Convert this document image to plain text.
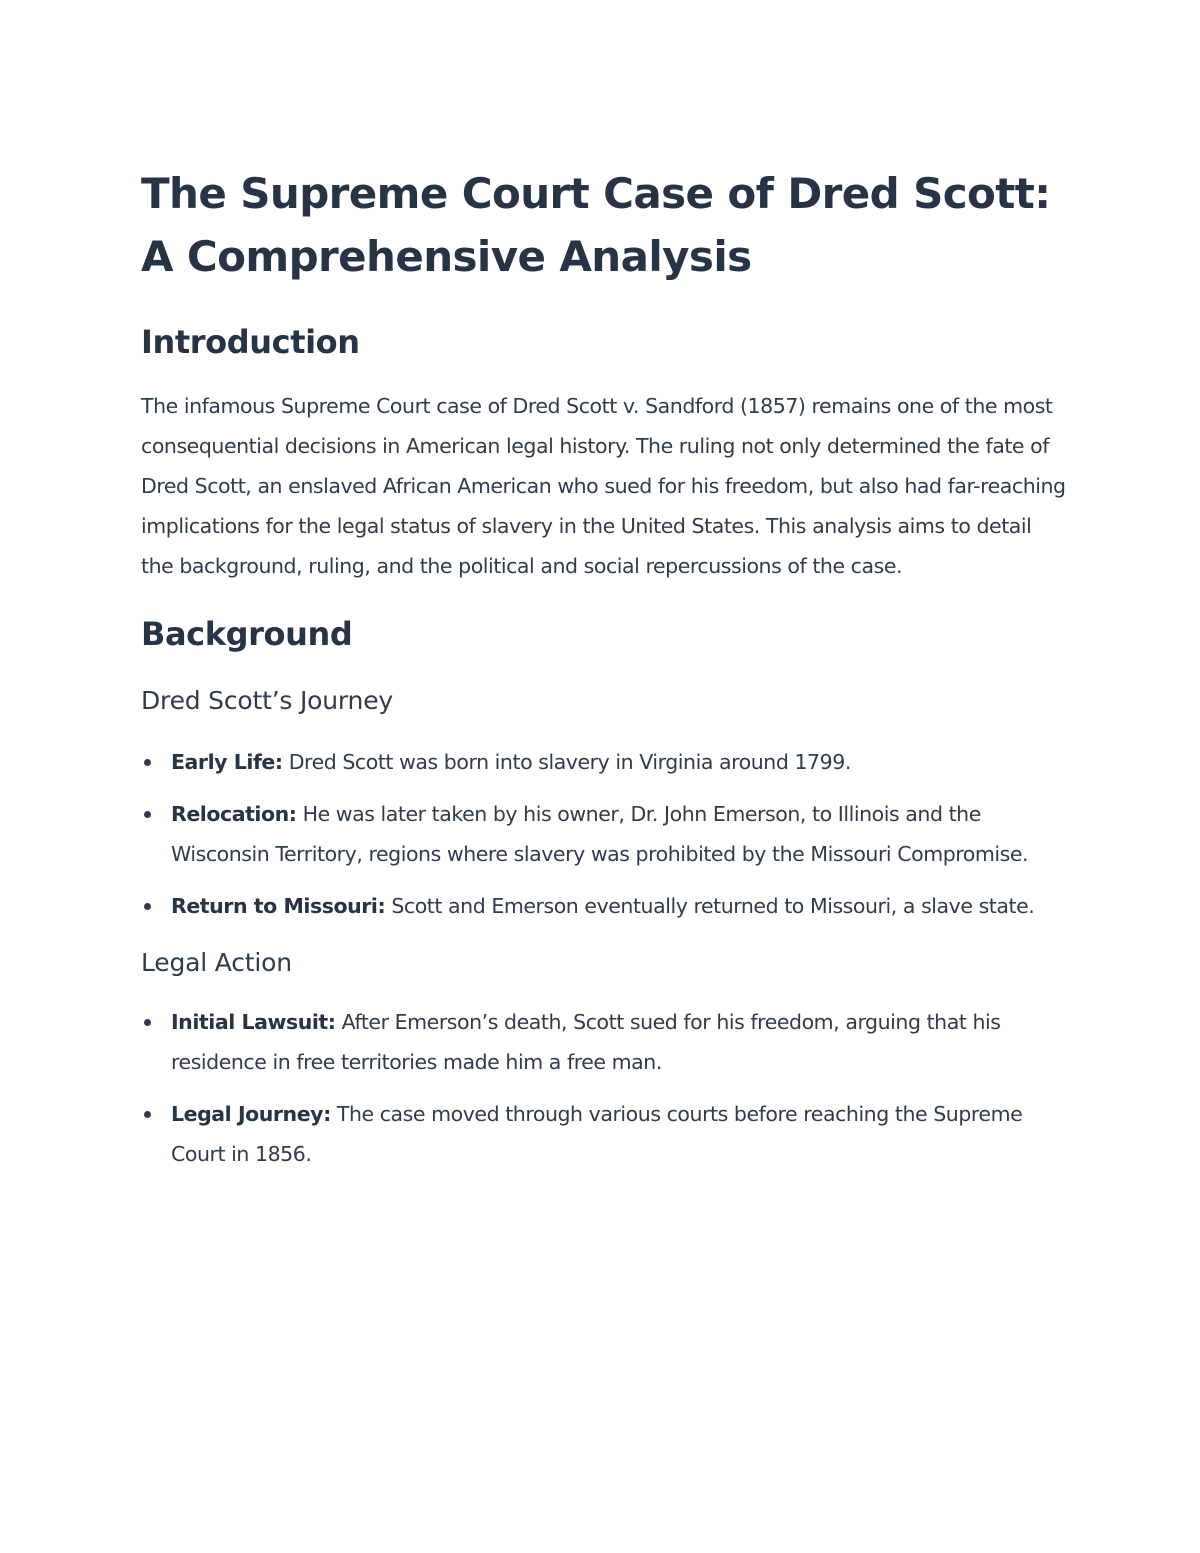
The Supreme Court Case of Dred Scott:
A Comprehensive Analysis
Introduction

The infamous Supreme Court case of Dred Scott v. Sandford (1857) remains one of the most consequential decisions in American legal history. The ruling not only determined the fate of Dred Scott, an enslaved African American who sued for his freedom, but also had far-reaching implications for the legal status of slavery in the United States. This analysis aims to detail the background, ruling, and the political and social repercussions of the case.

Background
Dred Scott’s Journey
Early Life: Dred Scott was born into slavery in Virginia around 1799.
Relocation: He was later taken by his owner, Dr. John Emerson, to Illinois and the Wisconsin Territory, regions where slavery was prohibited by the Missouri Compromise.
Return to Missouri: Scott and Emerson eventually returned to Missouri, a slave state.
Legal Action
Initial Lawsuit: After Emerson’s death, Scott sued for his freedom, arguing that his residence in free territories made him a free man.
Legal Journey: The case moved through various courts before reaching the Supreme Court in 1856.
